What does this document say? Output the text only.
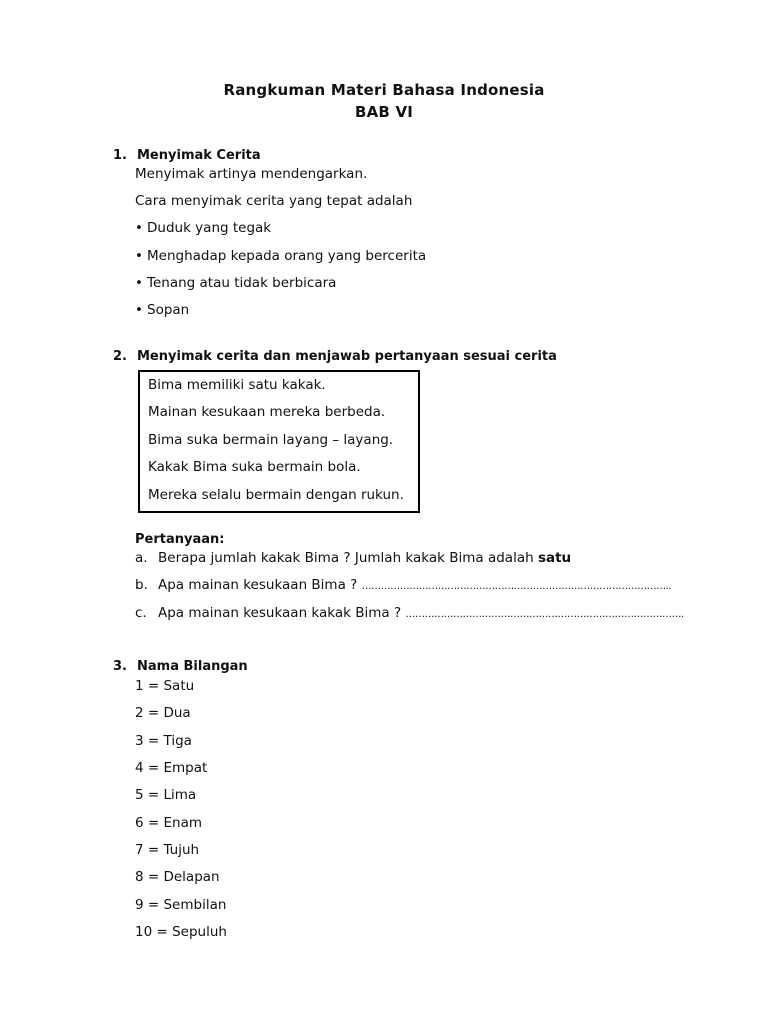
Rangkuman Materi Bahasa Indonesia
BAB VI
1. Menyimak Cerita
Menyimak artinya mendengarkan.
Cara menyimak cerita yang tepat adalah
• Duduk yang tegak
• Menghadap kepada orang yang bercerita
• Tenang atau tidak berbicara
• Sopan
2. Menyimak cerita dan menjawab pertanyaan sesuai cerita
Bima memiliki satu kakak.
Mainan kesukaan mereka berbeda.
Bima suka bermain layang – layang.
Kakak Bima suka bermain bola.
Mereka selalu bermain dengan rukun.
Pertanyaan:
a. Berapa jumlah kakak Bima ? Jumlah kakak Bima adalah satu
b. Apa mainan kesukaan Bima ? ……………………………………………………………………………………..
c. Apa mainan kesukaan kakak Bima ? …………………………………………………………………………….
3. Nama Bilangan
1 = Satu
2 = Dua
3 = Tiga
4 = Empat
5 = Lima
6 = Enam
7 = Tujuh
8 = Delapan
9 = Sembilan
10 = Sepuluh
